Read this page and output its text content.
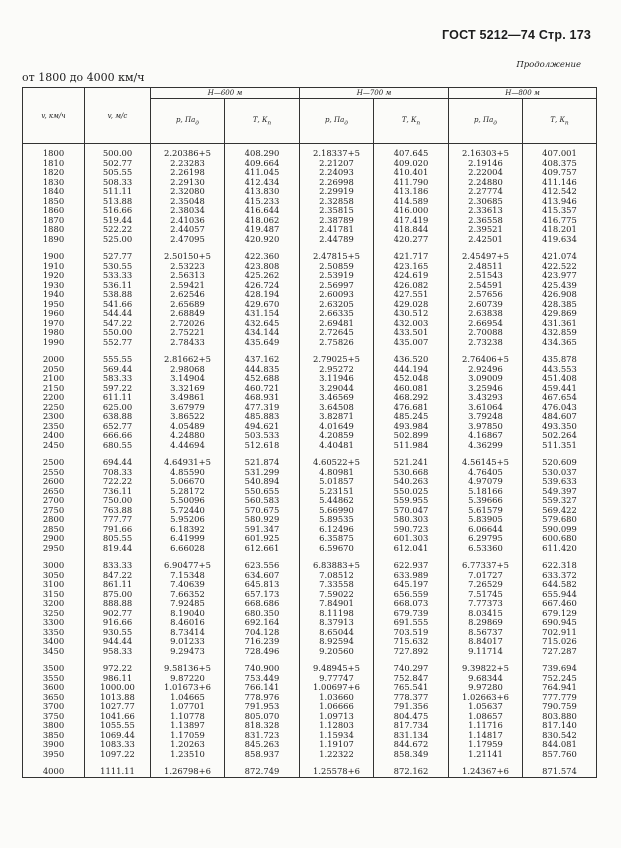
ГОСТ 5212—74 Стр. 173
Продолжение
от 1800 до 4000 км/ч
v, км/ч	v, м/с	H—600 м		H—700 м		H—800 м	
		р, $Па_д$	Т, $К_п$	р, $Па_д$	Т, $К_п$	р, $Па_д$	Т, $К_п$
1800	500.00	2.20386+5	408.290	2.18337+5	407.645	2.16303+5	407.001
1810	502.77	2.23283	409.664	2.21207	409.020	2.19146	408.375
1820	505.55	2.26198	411.045	2.24093	410.401	2.22004	409.757
1830	508.33	2.29130	412.434	2.26998	411.790	2.24880	411.146
1840	511.11	2.32080	413.830	2.29919	413.186	2.27774	412.542
1850	513.88	2.35048	415.233	2.32858	414.589	2.30685	413.946
1860	516.66	2.38034	416.644	2.35815	416.000	2.33613	415.357
1870	519.44	2.41036	418.062	2.38789	417.419	2.36558	416.775
1880	522.22	2.44057	419.487	2.41781	418.844	2.39521	418.201
1890	525.00	2.47095	420.920	2.44789	420.277	2.42501	419.634

1900	527.77	2.50150+5	422.360	2.47815+5	421.717	2.45497+5	421.074
1910	530.55	2.53223	423.808	2.50859	423.165	2.48511	422.522
1920	533.33	2.56313	425.262	2.53919	424.619	2.51543	423.977
1930	536.11	2.59421	426.724	2.56997	426.082	2.54591	425.439
1940	538.88	2.62546	428.194	2.60093	427.551	2.57656	426.908
1950	541.66	2.65689	429.670	2.63205	429.028	2.60739	428.385
1960	544.44	2.68849	431.154	2.66335	430.512	2.63838	429.869
1970	547.22	2.72026	432.645	2.69481	432.003	2.66954	431.361
1980	550.00	2.75221	434.144	2.72645	433.501	2.70088	432.859
1990	552.77	2.78433	435.649	2.75826	435.007	2.73238	434.365

2000	555.55	2.81662+5	437.162	2.79025+5	436.520	2.76406+5	435.878
2050	569.44	2.98068	444.835	2.95272	444.194	2.92496	443.553
2100	583.33	3.14904	452.688	3.11946	452.048	3.09009	451.408
2150	597.22	3.32169	460.721	3.29044	460.081	3.25946	459.441
2200	611.11	3.49861	468.931	3.46569	468.292	3.43293	467.654
2250	625.00	3.67979	477.319	3.64508	476.681	3.61064	476.043
2300	638.88	3.86522	485.883	3.82871	485.245	3.79248	484.607
2350	652.77	4.05489	494.621	4.01649	493.984	3.97850	493.350
2400	666.66	4.24880	503.533	4.20859	502.899	4.16867	502.264
2450	680.55	4.44694	512.618	4.40481	511.984	4.36299	511.351

2500	694.44	4.64931+5	521.874	4.60522+5	521.241	4.56145+5	520.609
2550	708.33	4.85590	531.299	4.80981	530.668	4.76405	530.037
2600	722.22	5.06670	540.894	5.01857	540.263	4.97079	539.633
2650	736.11	5.28172	550.655	5.23151	550.025	5.18166	549.397
2700	750.00	5.50096	560.583	5.44862	559.955	5.39666	559.327
2750	763.88	5.72440	570.675	5.66990	570.047	5.61579	569.422
2800	777.77	5.95206	580.929	5.89535	580.303	5.83905	579.680
2850	791.66	6.18392	591.347	6.12496	590.723	6.06644	590.099
2900	805.55	6.41999	601.925	6.35875	601.303	6.29795	600.680
2950	819.44	6.66028	612.661	6.59670	612.041	6.53360	611.420

3000	833.33	6.90477+5	623.556	6.83883+5	622.937	6.77337+5	622.318
3050	847.22	7.15348	634.607	7.08512	633.989	7.01727	633.372
3100	861.11	7.40639	645.813	7.33558	645.197	7.26529	644.582
3150	875.00	7.66352	657.173	7.59022	656.559	7.51745	655.944
3200	888.88	7.92485	668.686	7.84901	668.073	7.77373	667.460
3250	902.77	8.19040	680.350	8.11198	679.739	8.03415	679.129
3300	916.66	8.46016	692.164	8.37913	691.555	8.29869	690.945
3350	930.55	8.73414	704.128	8.65044	703.519	8.56737	702.911
3400	944.44	9.01233	716.239	8.92594	715.632	8.84017	715.026
3450	958.33	9.29473	728.496	9.20560	727.892	9.11714	727.287

3500	972.22	9.58136+5	740.900	9.48945+5	740.297	9.39822+5	739.694
3550	986.11	9.87220	753.449	9.77747	752.847	9.68344	752.245
3600	1000.00	1.01673+6	766.141	1.00697+6	765.541	9.97280	764.941
3650	1013.88	1.04665	778.976	1.03660	778.377	1.02663+6	777.779
3700	1027.77	1.07701	791.953	1.06666	791.356	1.05637	790.759
3750	1041.66	1.10778	805.070	1.09713	804.475	1.08657	803.880
3800	1055.55	1.13897	818.328	1.12803	817.734	1.11716	817.140
3850	1069.44	1.17059	831.723	1.15934	831.134	1.14817	830.542
3900	1083.33	1.20263	845.263	1.19107	844.672	1.17959	844.081
3950	1097.22	1.23510	858.937	1.22322	858.349	1.21141	857.760

4000	1111.11	1.26798+6	872.749	1.25578+6	872.162	1.24367+6	871.574
